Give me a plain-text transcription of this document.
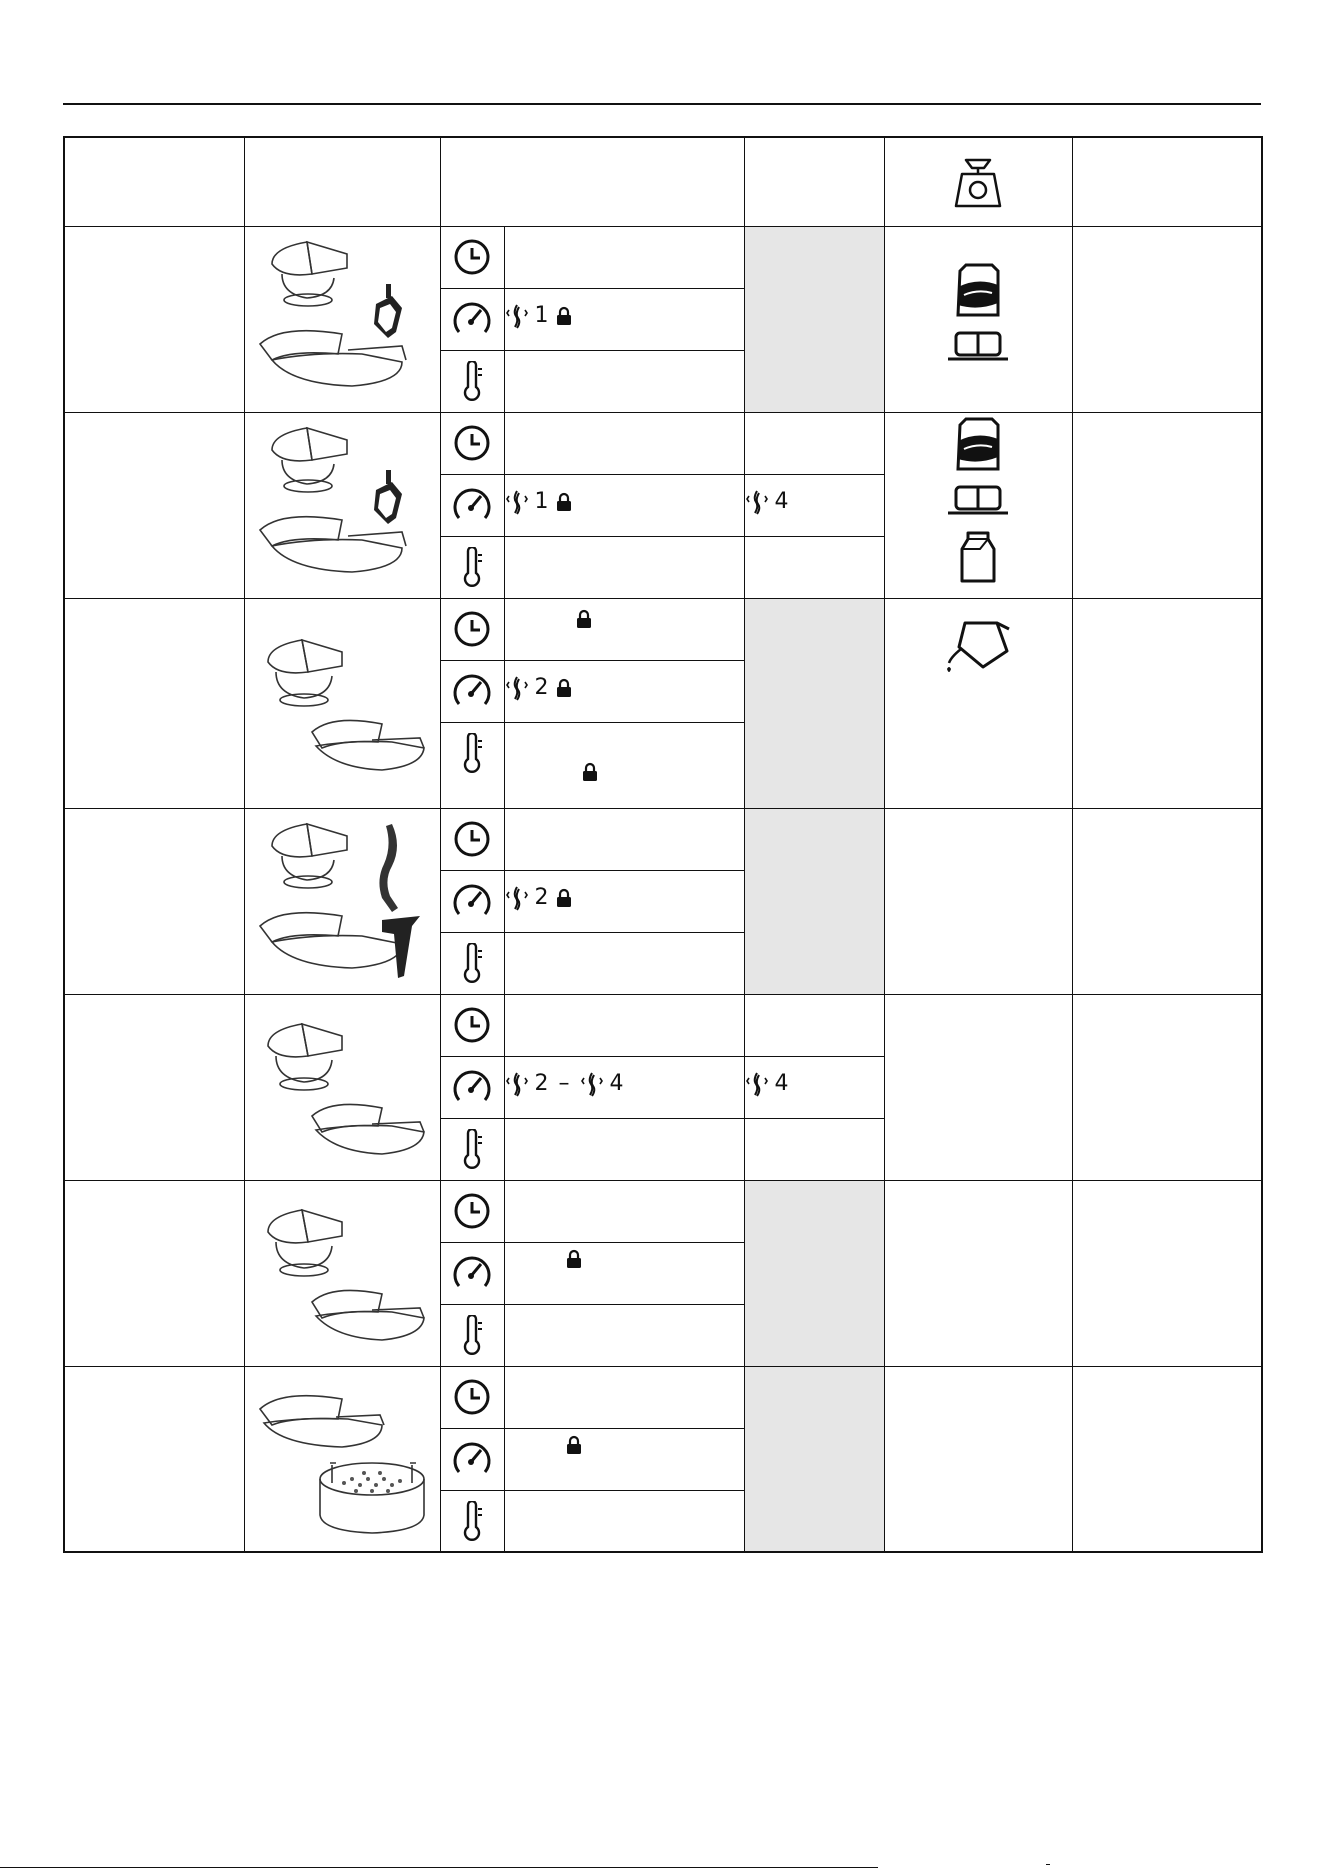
1			

1	4		

2			

2			

2 – 4	4		
